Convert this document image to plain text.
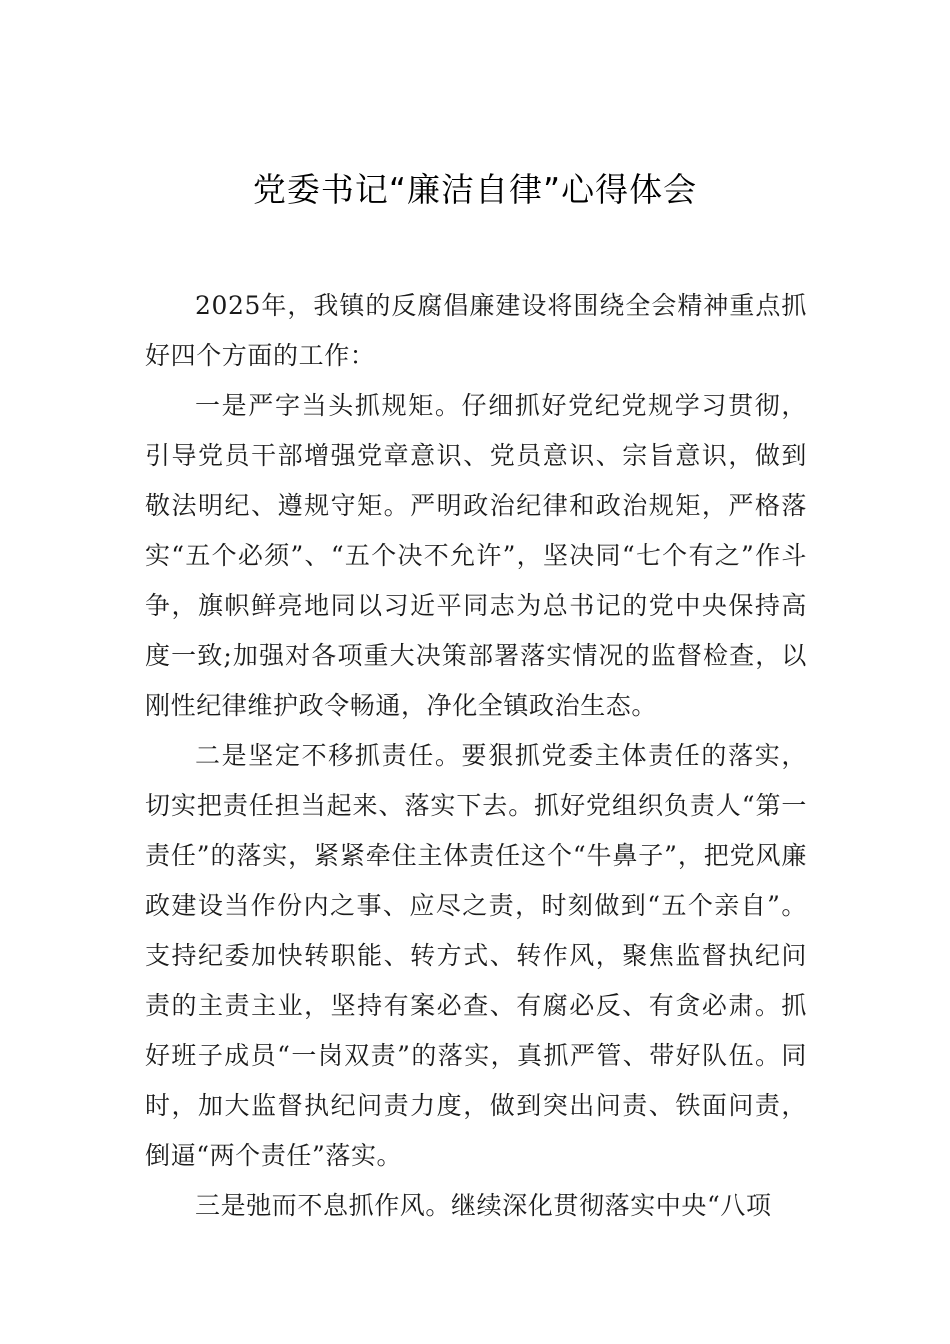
党委书记“廉洁自律”心得体会

2025年，我镇的反腐倡廉建设将围绕全会精神重点抓好四个方面的工作：

一是严字当头抓规矩。仔细抓好党纪党规学习贯彻，引导党员干部增强党章意识、党员意识、宗旨意识，做到敬法明纪、遵规守矩。严明政治纪律和政治规矩，严格落实“五个必须”、“五个决不允许”，坚决同“七个有之”作斗争，旗帜鲜亮地同以习近平同志为总书记的党中央保持高度一致;加强对各项重大决策部署落实情况的监督检查，以刚性纪律维护政令畅通，净化全镇政治生态。

二是坚定不移抓责任。要狠抓党委主体责任的落实，切实把责任担当起来、落实下去。抓好党组织负责人“第一责任”的落实，紧紧牵住主体责任这个“牛鼻子”，把党风廉政建设当作份内之事、应尽之责，时刻做到“五个亲自”。支持纪委加快转职能、转方式、转作风，聚焦监督执纪问责的主责主业，坚持有案必查、有腐必反、有贪必肃。抓好班子成员“一岗双责”的落实，真抓严管、带好队伍。同时，加大监督执纪问责力度，做到突出问责、铁面问责，倒逼“两个责任”落实。

三是弛而不息抓作风。继续深化贯彻落实中央“八项
